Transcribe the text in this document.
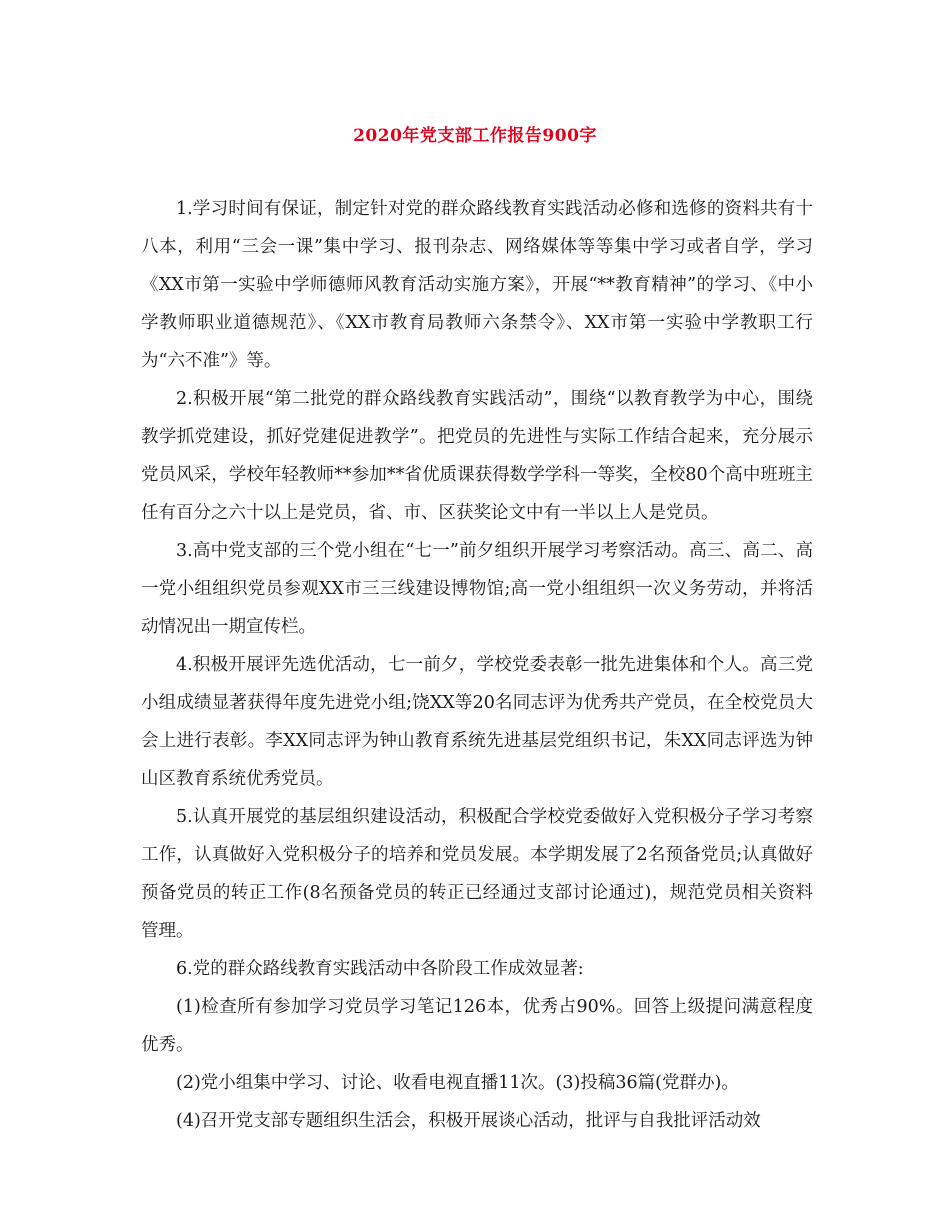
2020年党支部工作报告900字

1.学习时间有保证，制定针对党的群众路线教育实践活动必修和选修的资料共有十八本，利用“三会一课”集中学习、报刊杂志、网络媒体等等集中学习或者自学，学习《XX市第一实验中学师德师风教育活动实施方案》，开展“**教育精神”的学习、《中小学教师职业道德规范》、《XX市教育局教师六条禁令》、XX市第一实验中学教职工行为“六不准”》等。

2.积极开展“第二批党的群众路线教育实践活动”，围绕“以教育教学为中心，围绕教学抓党建设，抓好党建促进教学”。把党员的先进性与实际工作结合起来，充分展示党员风采，学校年轻教师**参加**省优质课获得数学学科一等奖，全校80个高中班班主任有百分之六十以上是党员，省、市、区获奖论文中有一半以上人是党员。

3.高中党支部的三个党小组在“七一”前夕组织开展学习考察活动。高三、高二、高一党小组组织党员参观XX市三三线建设博物馆;高一党小组组织一次义务劳动，并将活动情况出一期宣传栏。

4.积极开展评先选优活动，七一前夕，学校党委表彰一批先进集体和个人。高三党小组成绩显著获得年度先进党小组;饶XX等20名同志评为优秀共产党员，在全校党员大会上进行表彰。李XX同志评为钟山教育系统先进基层党组织书记，朱XX同志评选为钟山区教育系统优秀党员。

5.认真开展党的基层组织建设活动，积极配合学校党委做好入党积极分子学习考察工作，认真做好入党积极分子的培养和党员发展。本学期发展了2名预备党员;认真做好预备党员的转正工作(8名预备党员的转正已经通过支部讨论通过)，规范党员相关资料管理。

6.党的群众路线教育实践活动中各阶段工作成效显著:

(1)检查所有参加学习党员学习笔记126本，优秀占90%。回答上级提问满意程度优秀。

(2)党小组集中学习、讨论、收看电视直播11次。(3)投稿36篇(党群办)。

(4)召开党支部专题组织生活会，积极开展谈心活动，批评与自我批评活动效
